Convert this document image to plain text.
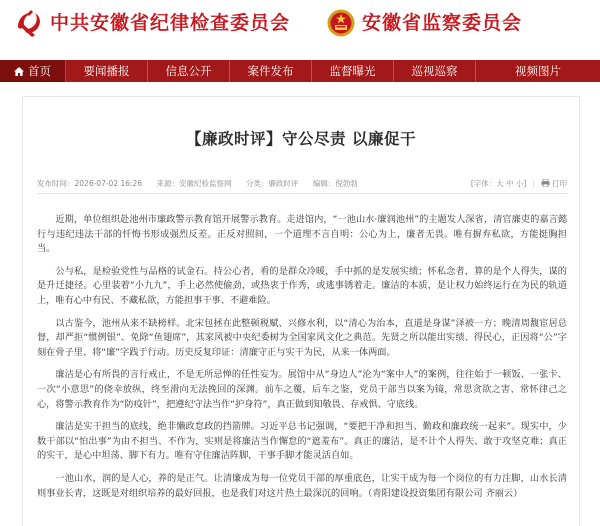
中共安徽省纪律检查委员会	安徽省监察委员会
首页	要闻播报	信息公开	案件发布	监督曝光	巡视巡察	视频图片
【廉政时评】守公尽责 以廉促干
发布时间：2026-07-02 16:26 来源：安徽纪检监察网 分类：廉政时评 编辑：倪勃勃	[字体：大 中 小] | 打印

近期，单位组织赴池州市廉政警示教育馆开展警示教育。走进馆内，“一池山水·廉润池州”的主题发人深省，清官廉吏的嘉言懿行与违纪违法干部的忏悔书形成强烈反差。正反对照间，一个道理不言自明：公心为上，廉者无畏。唯有摒弃私欲，方能挺胸担当。

公与私，是检验党性与品格的试金石。持公心者，看的是群众冷暖，手中抓的是发展实绩；怀私念者，算的是个人得失，谋的是升迁捷径。心里装着“小九九”，手上必然使偷劲，或热衷于作秀，或逃事锈着走。廉洁的本质，是让权力始终运行在为民的轨道上，唯有心中有民、不藏私欲，方能担事干事、不避难险。

以古鉴今，池州从来不缺榜样。北宋包拯在此整顿税赋、兴修水利，以“清心为治本，直道是身谋”泽被一方；晚清周馥宦居总督，却严拒“惯例银”、免除“鱼翅席”，其家风被中央纪委树为全国家风文化之典范。先贤之所以能出实绩、得民心，正因将“公”字刻在骨子里、将“廉”字践于行动。历史反复印证：清廉守正与实干为民，从来一体两面。

廉洁是心有所畏的言行戒止，不是无所忌惮的任性妄为。展馆中从“身边人”沦为“案中人”的案例，往往始于一顿饭、一张卡、一次“小意思”的侥幸放纵，终至滑向无法挽回的深渊。前车之覆，后车之鉴，党员干部当以案为镜，常思贪欲之害、常怀律己之心，将警示教育作为“防疫针”，把遵纪守法当作“护身符”，真正做到知敬畏、存戒惧、守底线。

廉洁是实干担当的底线，绝非懒政怠政的挡箭牌。习近平总书记强调，“要把干净和担当、勤政和廉政统一起来”。现实中，少数干部以“怕出事”为由不担当、不作为，实则是将廉洁当作懈怠的“遮羞布”。真正的廉洁，是不计个人得失、敢于攻坚克难；真正的实干，是心中坦荡、脚下有力。唯有守住廉洁阵脚，干事手脚才能灵活自如。

一池山水，润的是人心，养的是正气。让清廉成为每一位党员干部的厚重底色，让实干成为每一个岗位的有力注脚，山水长清则事业长青，这既是对组织培养的最好回报，也是我们对这片热土最深沉的回响。（青阳建设投资集团有限公司 齐丽云）
